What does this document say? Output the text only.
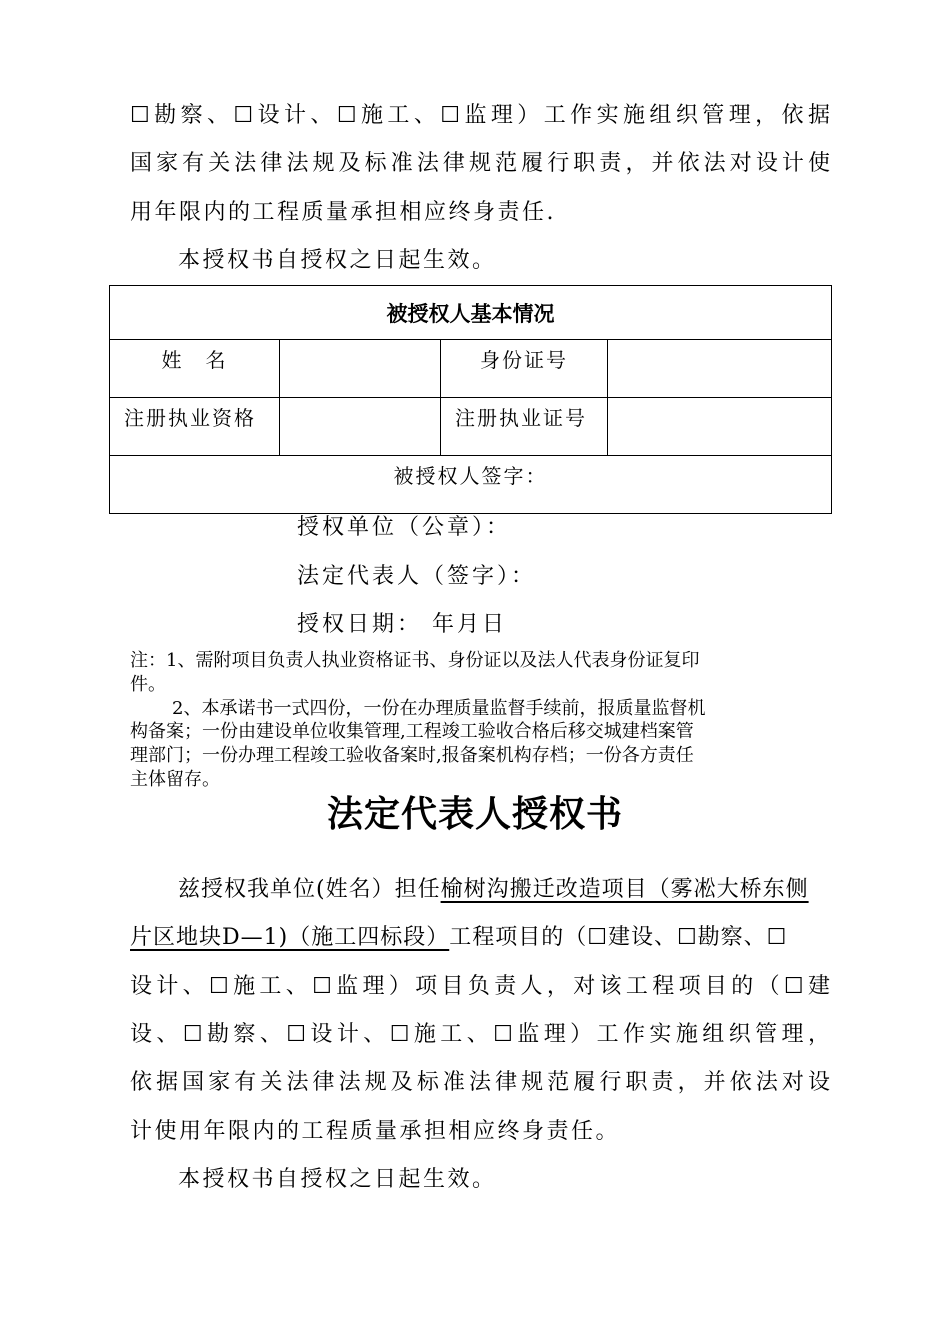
☐勘察、☐设计、☐施工、☐监理）工作实施组织管理，依据
国家有关法律法规及标准法律规范履行职责，并依法对设计使
用年限内的工程质量承担相应终身责任.
本授权书自授权之日起生效。
被授权人基本情况			
姓　名		身份证号	
注册执业资格		注册执业证号	
被授权人签字：			
授权单位（公章）：
法定代表人（签字）：
授权日期： 年月日
注：1、需附项目负责人执业资格证书、身份证以及法人代表身份证复印
件。
2、本承诺书一式四份，一份在办理质量监督手续前，报质量监督机
构备案；一份由建设单位收集管理,工程竣工验收合格后移交城建档案管
理部门；一份办理工程竣工验收备案时,报备案机构存档；一份各方责任
主体留存。
法定代表人授权书
兹授权我单位(姓名）担任榆树沟搬迁改造项目（雾凇大桥东侧
片区地块D—1)（施工四标段）工程项目的（☐建设、☐勘察、☐
设计、☐施工、☐监理）项目负责人，对该工程项目的（☐建
设、☐勘察、☐设计、☐施工、☐监理）工作实施组织管理，
依据国家有关法律法规及标准法律规范履行职责，并依法对设
计使用年限内的工程质量承担相应终身责任。
本授权书自授权之日起生效。
